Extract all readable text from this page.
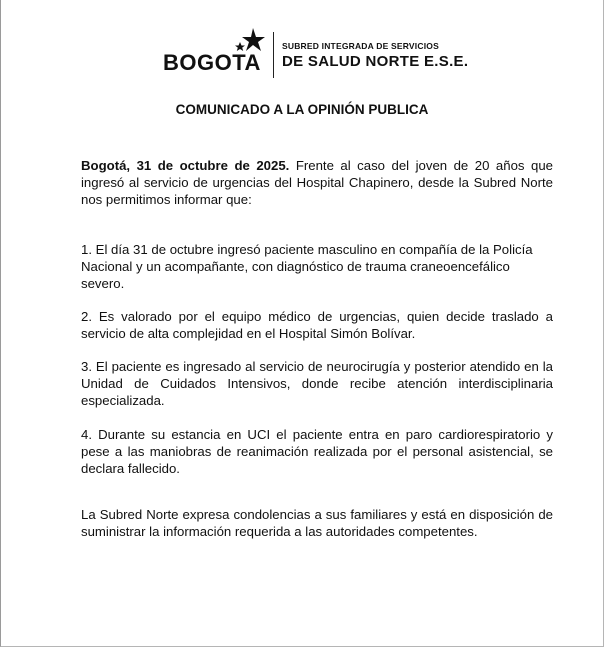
BOGOTA
SUBRED INTEGRADA DE SERVICIOS
DE SALUD NORTE E.S.E.
COMUNICADO A LA OPINIÓN PUBLICA

Bogotá, 31 de octubre de 2025. Frente al caso del joven de 20 años que ingresó al servicio de urgencias del Hospital Chapinero, desde la Subred Norte nos permitimos informar que:

1. El día 31 de octubre ingresó paciente masculino en compañía de la Policía Nacional y un acompañante, con diagnóstico de trauma craneoencefálico severo.

2. Es valorado por el equipo médico de urgencias, quien decide traslado a servicio de alta complejidad en el Hospital Simón Bolívar.

3. El paciente es ingresado al servicio de neurocirugía y posterior atendido en la Unidad de Cuidados Intensivos, donde recibe atención interdisciplinaria especializada.

4. Durante su estancia en UCI el paciente entra en paro cardiorespiratorio y pese a las maniobras de reanimación realizada por el personal asistencial, se declara fallecido.

La Subred Norte expresa condolencias a sus familiares y está en disposición de suministrar la información requerida a las autoridades competentes.
